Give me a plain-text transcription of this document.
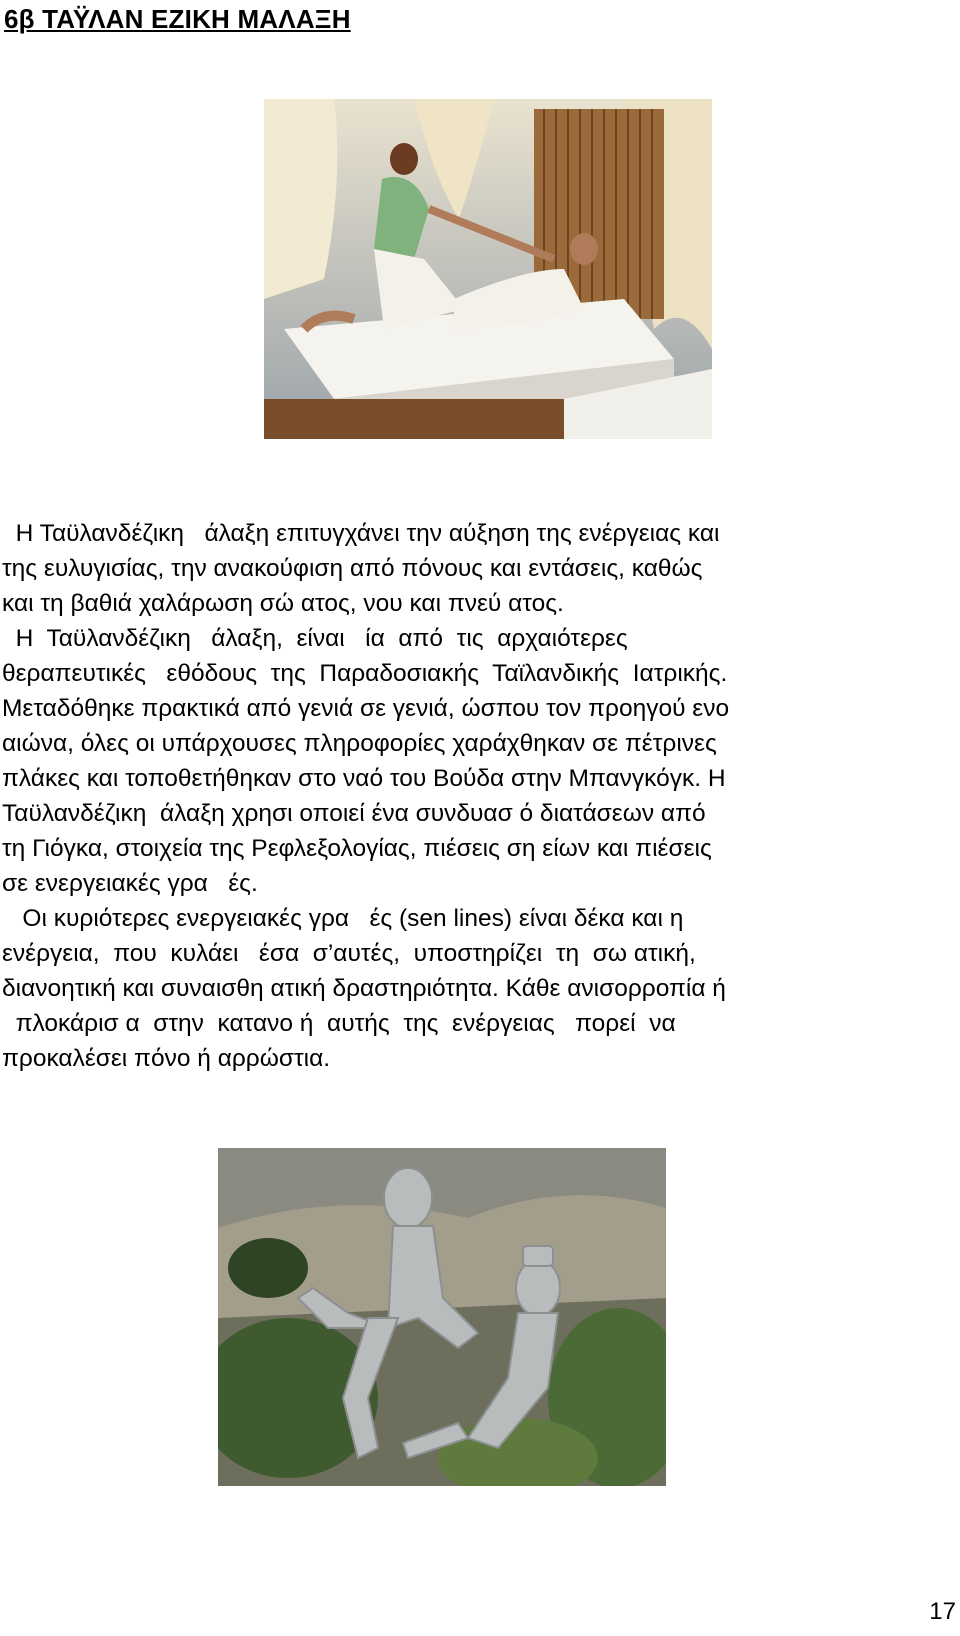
6β ΤΑΫΛΑΝ ΕΖΙΚΗ ΜΑΛΑΞΗ
Η Ταϋλανδέζικη   άλαξη επιτυγχάνει την αύξηση της ενέργειας και
της ευλυγισίας, την ανακούφιση από πόνους και εντάσεις, καθώς
και τη βαθιά χαλάρωση σώ ατος, νου και πνεύ ατος.
Η  Ταϋλανδέζικη   άλαξη,  είναι   ία  από  τις  αρχαιότερες
θεραπευτικές   εθόδους  της  Παραδοσιακής  Ταϊλανδικής  Ιατρικής.
Μεταδόθηκε πρακτικά από γενιά σε γενιά, ώσπου τον προηγού ενο
αιώνα, όλες οι υπάρχουσες πληροφορίες χαράχθηκαν σε πέτρινες
πλάκες και τοποθετήθηκαν στο ναό του Βούδα στην Μπανγκόγκ. Η
Ταϋλανδέζικη  άλαξη χρησι οποιεί ένα συνδυασ ό διατάσεων από
τη Γιόγκα, στοιχεία της Ρεφλεξολογίας, πιέσεις ση είων και πιέσεις
σε ενεργειακές γρα   ές.
Οι κυριότερες ενεργειακές γρα   ές (sen lines) είναι δέκα και η
ενέργεια,  που  κυλάει   έσα  σ’αυτές,  υποστηρίζει  τη  σω ατική,
διανοητική και συναισθη ατική δραστηριότητα. Κάθε ανισορροπία ή
πλοκάρισ α  στην  κατανο ή  αυτής  της  ενέργειας   πορεί  να
προκαλέσει πόνο ή αρρώστια.
17
